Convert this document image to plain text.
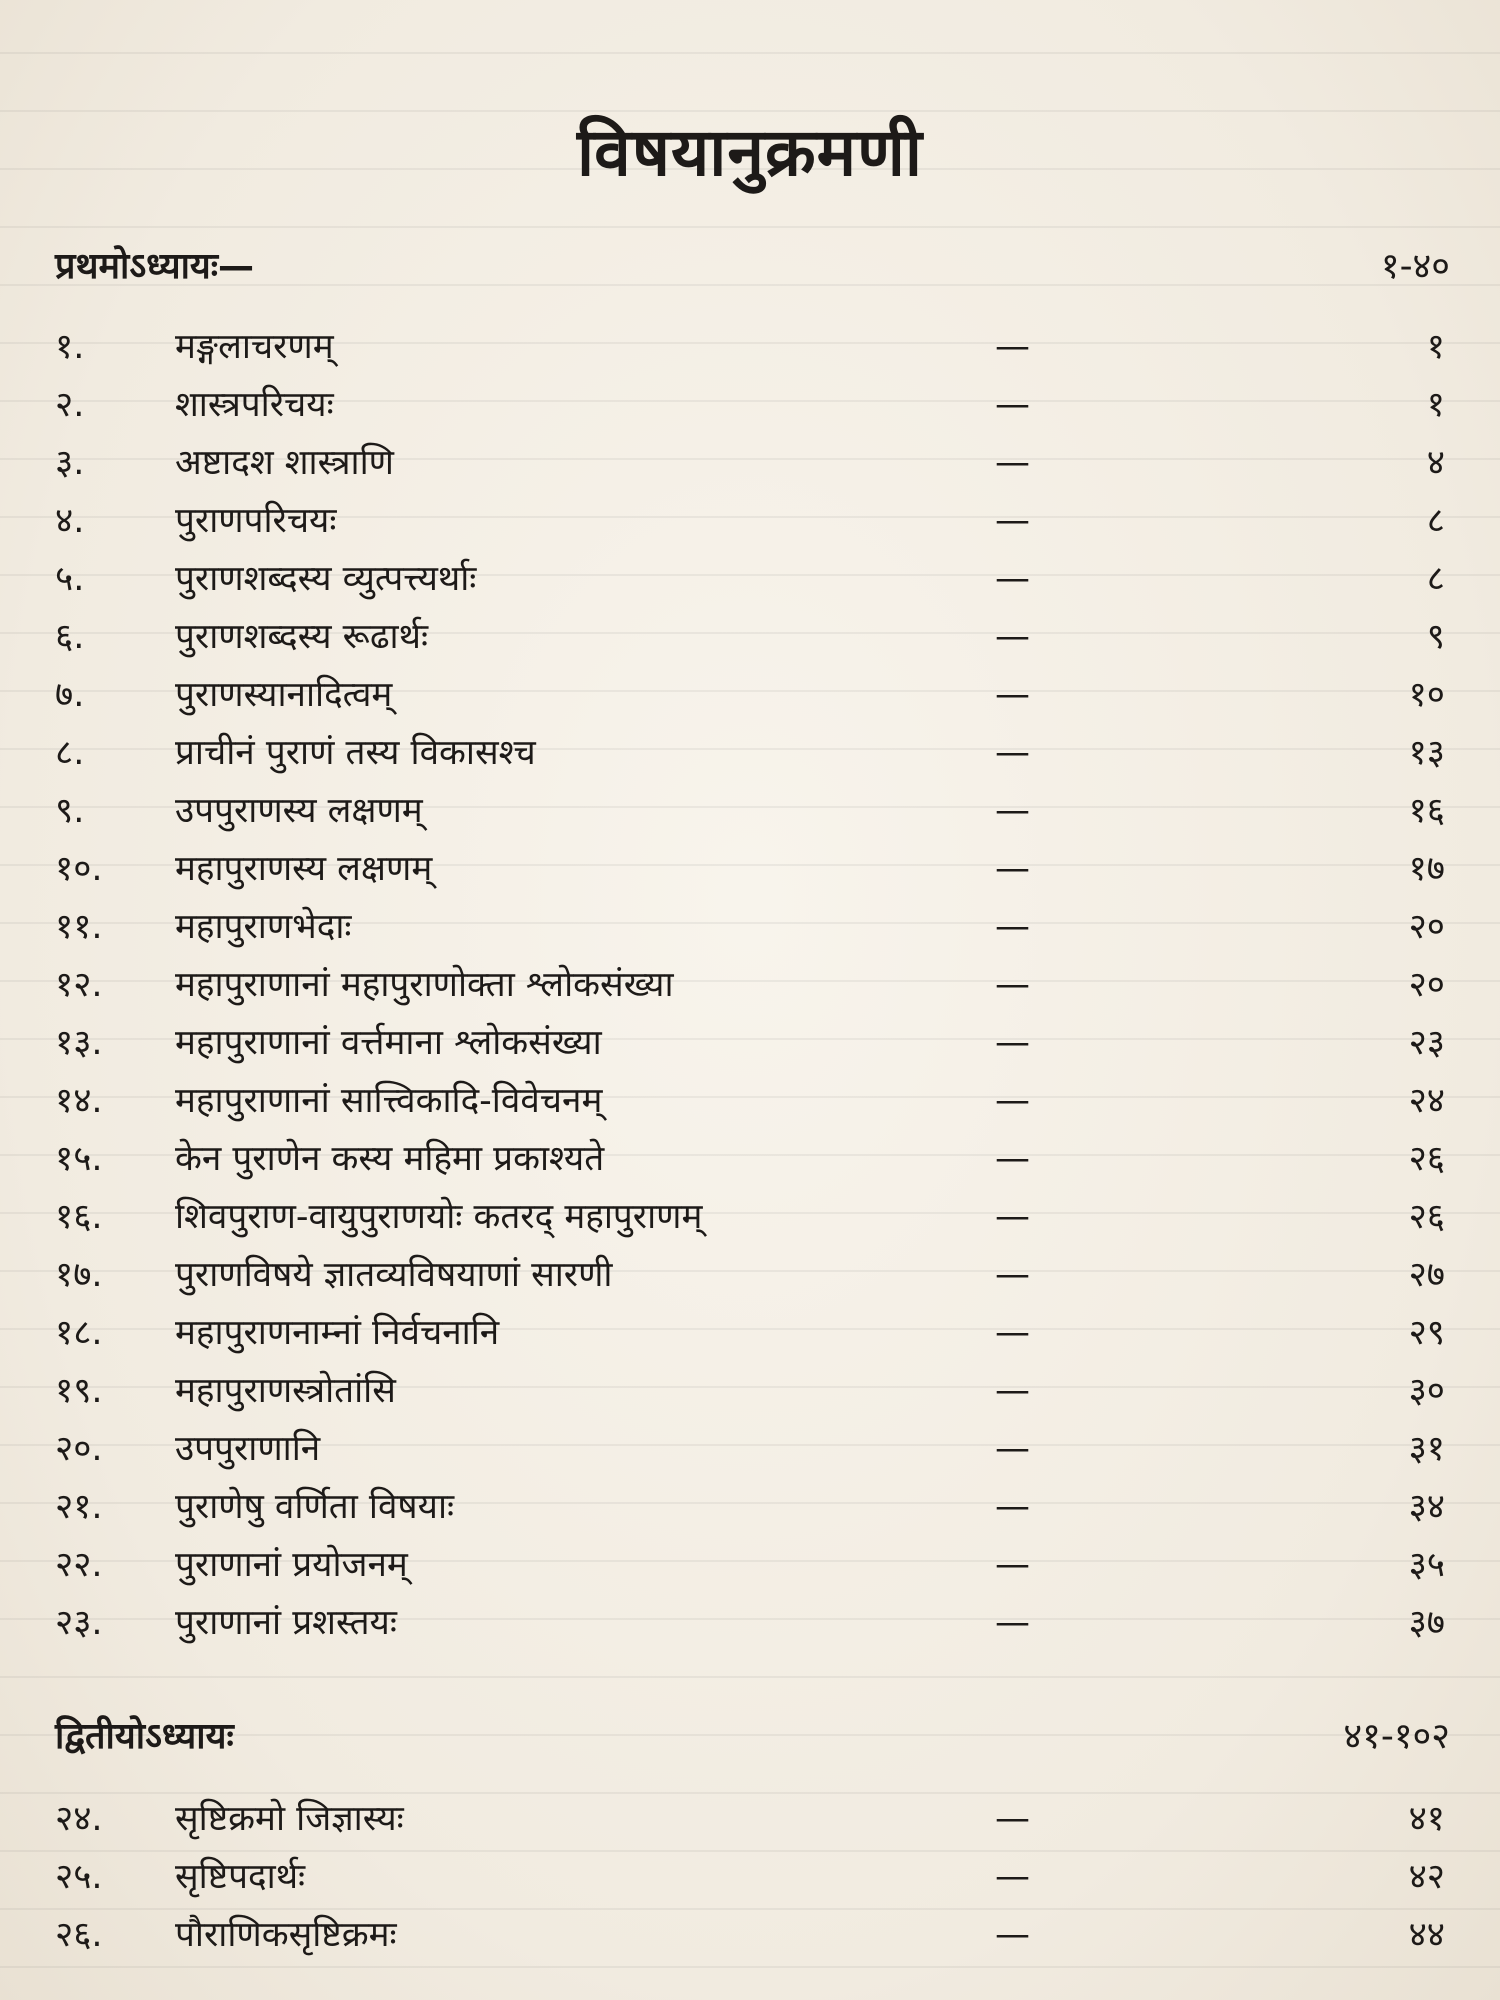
विषयानुक्रमणी
प्रथमोऽध्यायः—	१-४०
१.	मङ्गलाचरणम्	—	१
२.	शास्त्रपरिचयः	—	१
३.	अष्टादश शास्त्राणि	—	४
४.	पुराणपरिचयः	—	८
५.	पुराणशब्दस्य व्युत्पत्त्यर्थाः	—	८
६.	पुराणशब्दस्य रूढार्थः	—	९
७.	पुराणस्यानादित्वम्	—	१०
८.	प्राचीनं पुराणं तस्य विकासश्च	—	१३
९.	उपपुराणस्य लक्षणम्	—	१६
१०.	महापुराणस्य लक्षणम्	—	१७
११.	महापुराणभेदाः	—	२०
१२.	महापुराणानां महापुराणोक्ता श्लोकसंख्या	—	२०
१३.	महापुराणानां वर्त्तमाना श्लोकसंख्या	—	२३
१४.	महापुराणानां सात्त्विकादि-विवेचनम्	—	२४
१५.	केन पुराणेन कस्य महिमा प्रकाश्यते	—	२६
१६.	शिवपुराण-वायुपुराणयोः कतरद् महापुराणम्	—	२६
१७.	पुराणविषये ज्ञातव्यविषयाणां सारणी	—	२७
१८.	महापुराणनाम्नां निर्वचनानि	—	२९
१९.	महापुराणस्त्रोतांसि	—	३०
२०.	उपपुराणानि	—	३१
२१.	पुराणेषु वर्णिता विषयाः	—	३४
२२.	पुराणानां प्रयोजनम्	—	३५
२३.	पुराणानां प्रशस्तयः	—	३७
द्वितीयोऽध्यायः	४१-१०२
२४.	सृष्टिक्रमो जिज्ञास्यः	—	४१
२५.	सृष्टिपदार्थः	—	४२
२६.	पौराणिकसृष्टिक्रमः	—	४४
